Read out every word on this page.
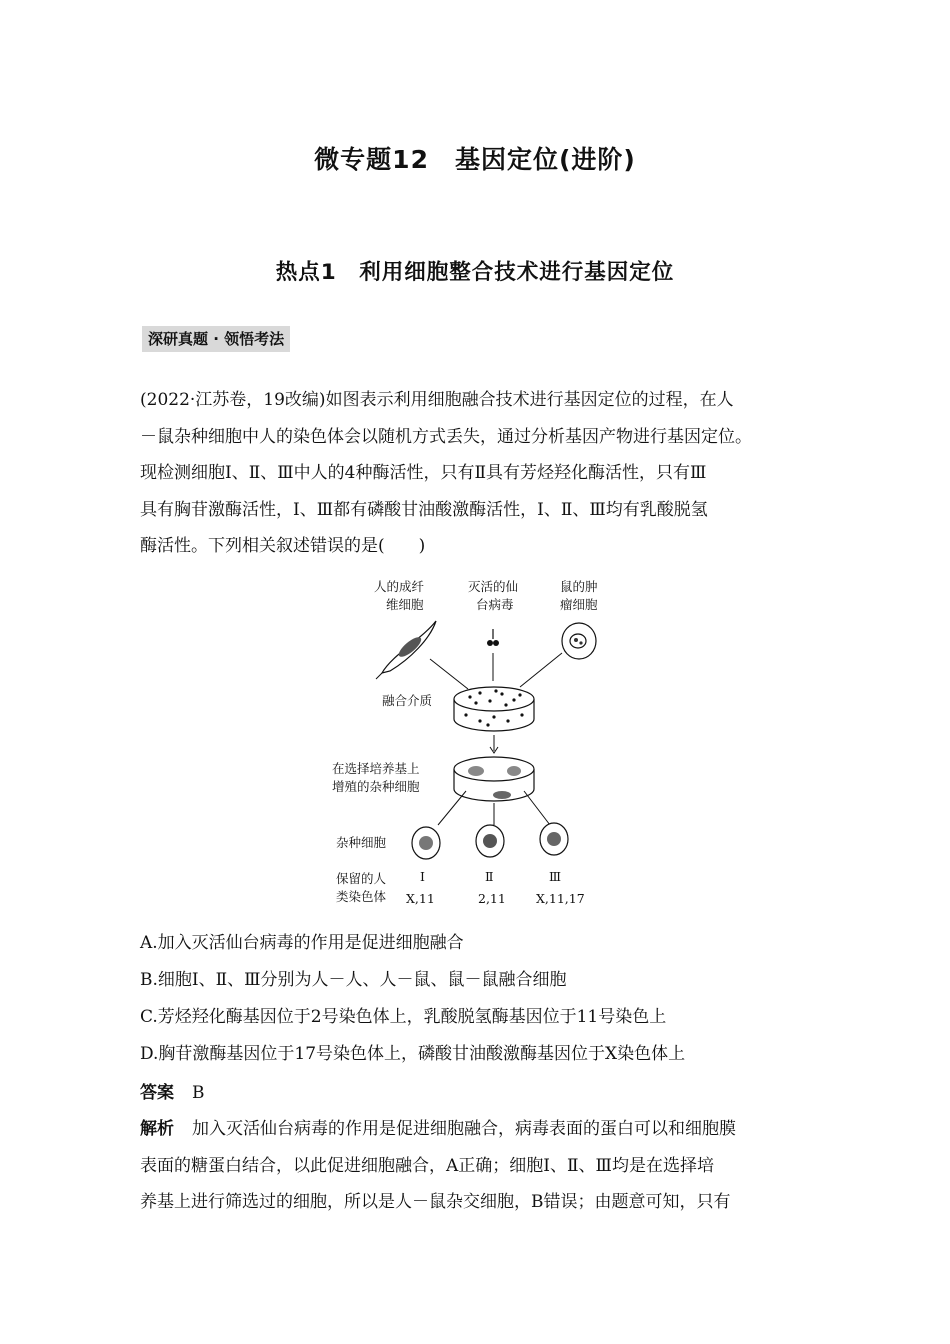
微专题12　基因定位(进阶)
热点1　利用细胞整合技术进行基因定位
深研真题 · 领悟考法

(2022·江苏卷，19改编)如图表示利用细胞融合技术进行基因定位的过程，在人

－鼠杂种细胞中人的染色体会以随机方式丢失，通过分析基因产物进行基因定位。

现检测细胞Ⅰ、Ⅱ、Ⅲ中人的4种酶活性，只有Ⅱ具有芳烃羟化酶活性，只有Ⅲ

具有胸苷激酶活性，Ⅰ、Ⅲ都有磷酸甘油酸激酶活性，Ⅰ、Ⅱ、Ⅲ均有乳酸脱氢

酶活性。下列相关叙述错误的是(　　)

人的成纤
维细胞
灭活的仙
台病毒
鼠的肿
瘤细胞
融合介质
在选择培养基上
增殖的杂种细胞
杂种细胞
保留的人
类染色体
Ⅰ	Ⅱ	Ⅲ
X,11	2,11 X,11,17

A.加入灭活仙台病毒的作用是促进细胞融合

B.细胞Ⅰ、Ⅱ、Ⅲ分别为人－人、人－鼠、鼠－鼠融合细胞

C.芳烃羟化酶基因位于2号染色体上，乳酸脱氢酶基因位于11号染色上

D.胸苷激酶基因位于17号染色体上，磷酸甘油酸激酶基因位于X染色体上

答案 B

解析 加入灭活仙台病毒的作用是促进细胞融合，病毒表面的蛋白可以和细胞膜

表面的糖蛋白结合，以此促进细胞融合，A正确；细胞Ⅰ、Ⅱ、Ⅲ均是在选择培

养基上进行筛选过的细胞，所以是人－鼠杂交细胞，B错误；由题意可知，只有
